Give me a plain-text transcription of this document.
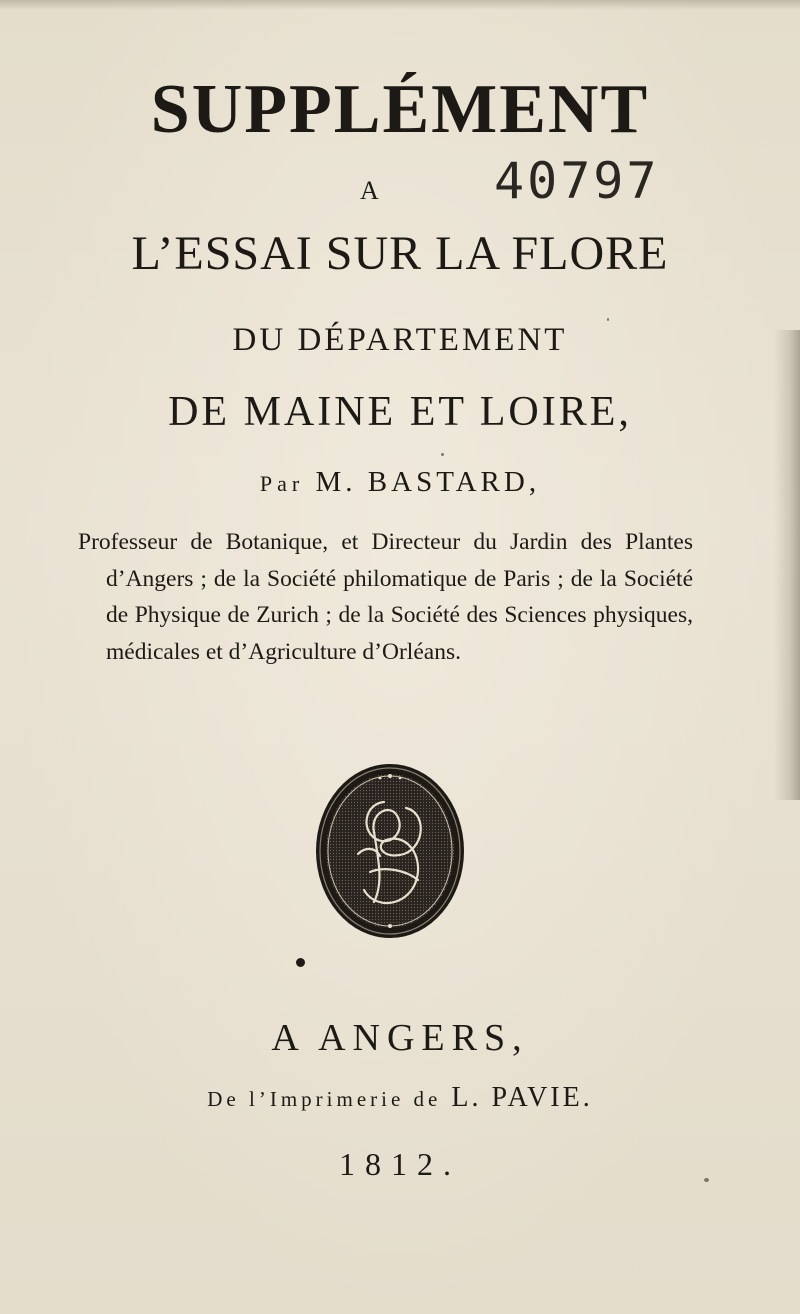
SUPPLÉMENT
A 40797
L’ESSAI SUR LA FLORE
DU DÉPARTEMENT
DE MAINE ET LOIRE,
Par M. BASTARD,
Professeur de Botanique, et Directeur du Jardin des Plantes d’Angers ; de la Société philomatique de Paris ; de la Société de Physique de Zurich ; de la Société des Sciences physiques, médicales et d’Agriculture d’Orléans.
A ANGERS,
De l’Imprimerie de L. PAVIE.
1812.
